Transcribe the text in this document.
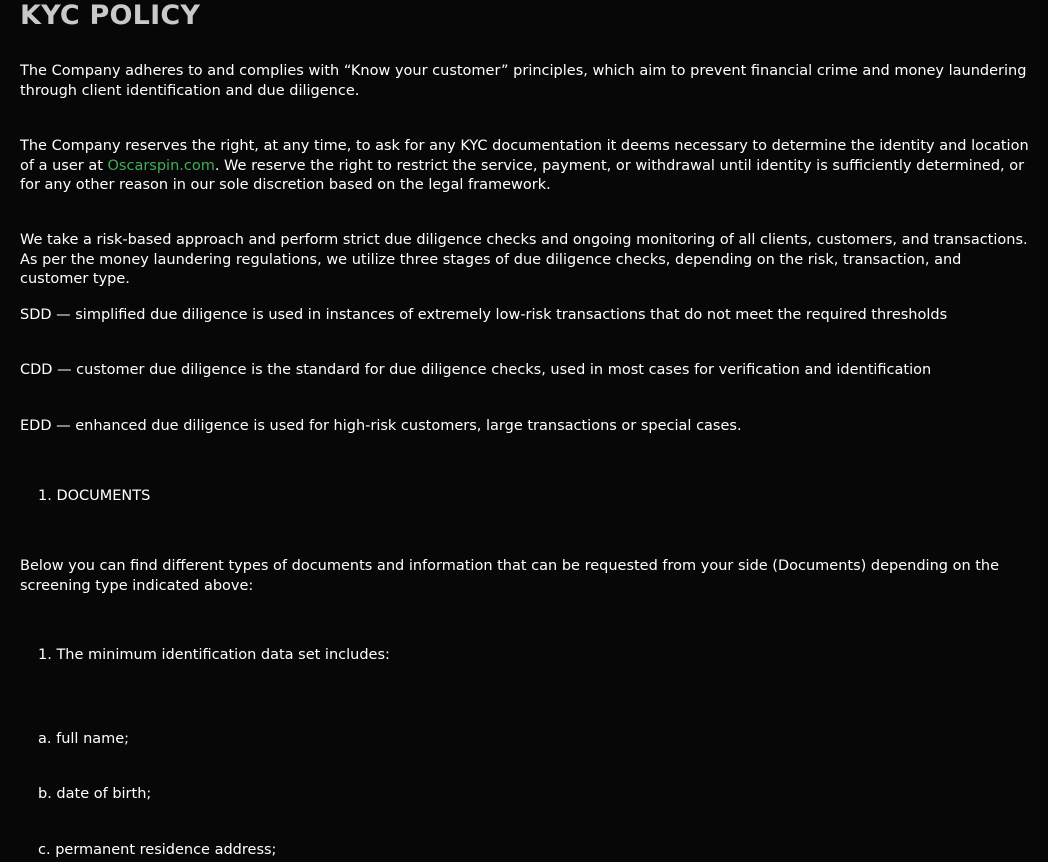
KYC POLICY

The Company adheres to and complies with “Know your customer” principles, which aim to prevent financial crime and money laundering through client identification and due diligence.

The Company reserves the right, at any time, to ask for any KYC documentation it deems necessary to determine the identity and location of a user at Oscarspin.com. We reserve the right to restrict the service, payment, or withdrawal until identity is sufficiently determined, or for any other reason in our sole discretion based on the legal framework.

We take a risk-based approach and perform strict due diligence checks and ongoing monitoring of all clients, customers, and transactions. As per the money laundering regulations, we utilize three stages of due diligence checks, depending on the risk, transaction, and customer type.

SDD — simplified due diligence is used in instances of extremely low-risk transactions that do not meet the required thresholds

CDD — customer due diligence is the standard for due diligence checks, used in most cases for verification and identification

EDD — enhanced due diligence is used for high-risk customers, large transactions or special cases.

1. DOCUMENTS

Below you can find different types of documents and information that can be requested from your side (Documents) depending on the screening type indicated above:

1. The minimum identification data set includes:

a. full name;

b. date of birth;

c. permanent residence address;
